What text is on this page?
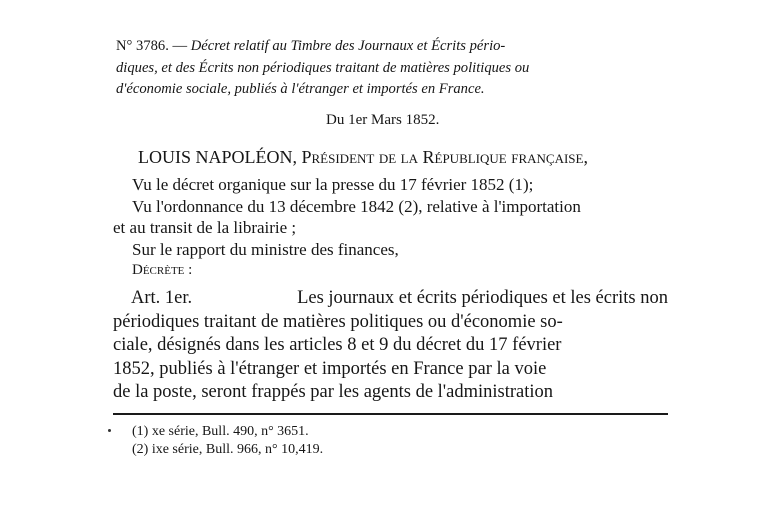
N° 3786. — Décret relatif au Timbre des Journaux et Écrits pério-
diques, et des Écrits non périodiques traitant de matières politiques ou
d'économie sociale, publiés à l'étranger et importés en France.
Du 1er Mars 1852.
LOUIS NAPOLÉON, Président de la République française,
Vu le décret organique sur la presse du 17 février 1852 (1);
Vu l'ordonnance du 13 décembre 1842 (2), relative à l'importation
et au transit de la librairie ;
Sur le rapport du ministre des finances,
Décrète :
Art. 1er.	Les journaux et écrits périodiques et les écrits non
périodiques traitant de matières politiques ou d'économie so-
ciale, désignés dans les articles 8 et 9 du décret du 17 février
1852, publiés à l'étranger et importés en France par la voie
de la poste, seront frappés par les agents de l'administration
(1) xe série, Bull. 490, n° 3651.
(2) ixe série, Bull. 966, n° 10,419.
